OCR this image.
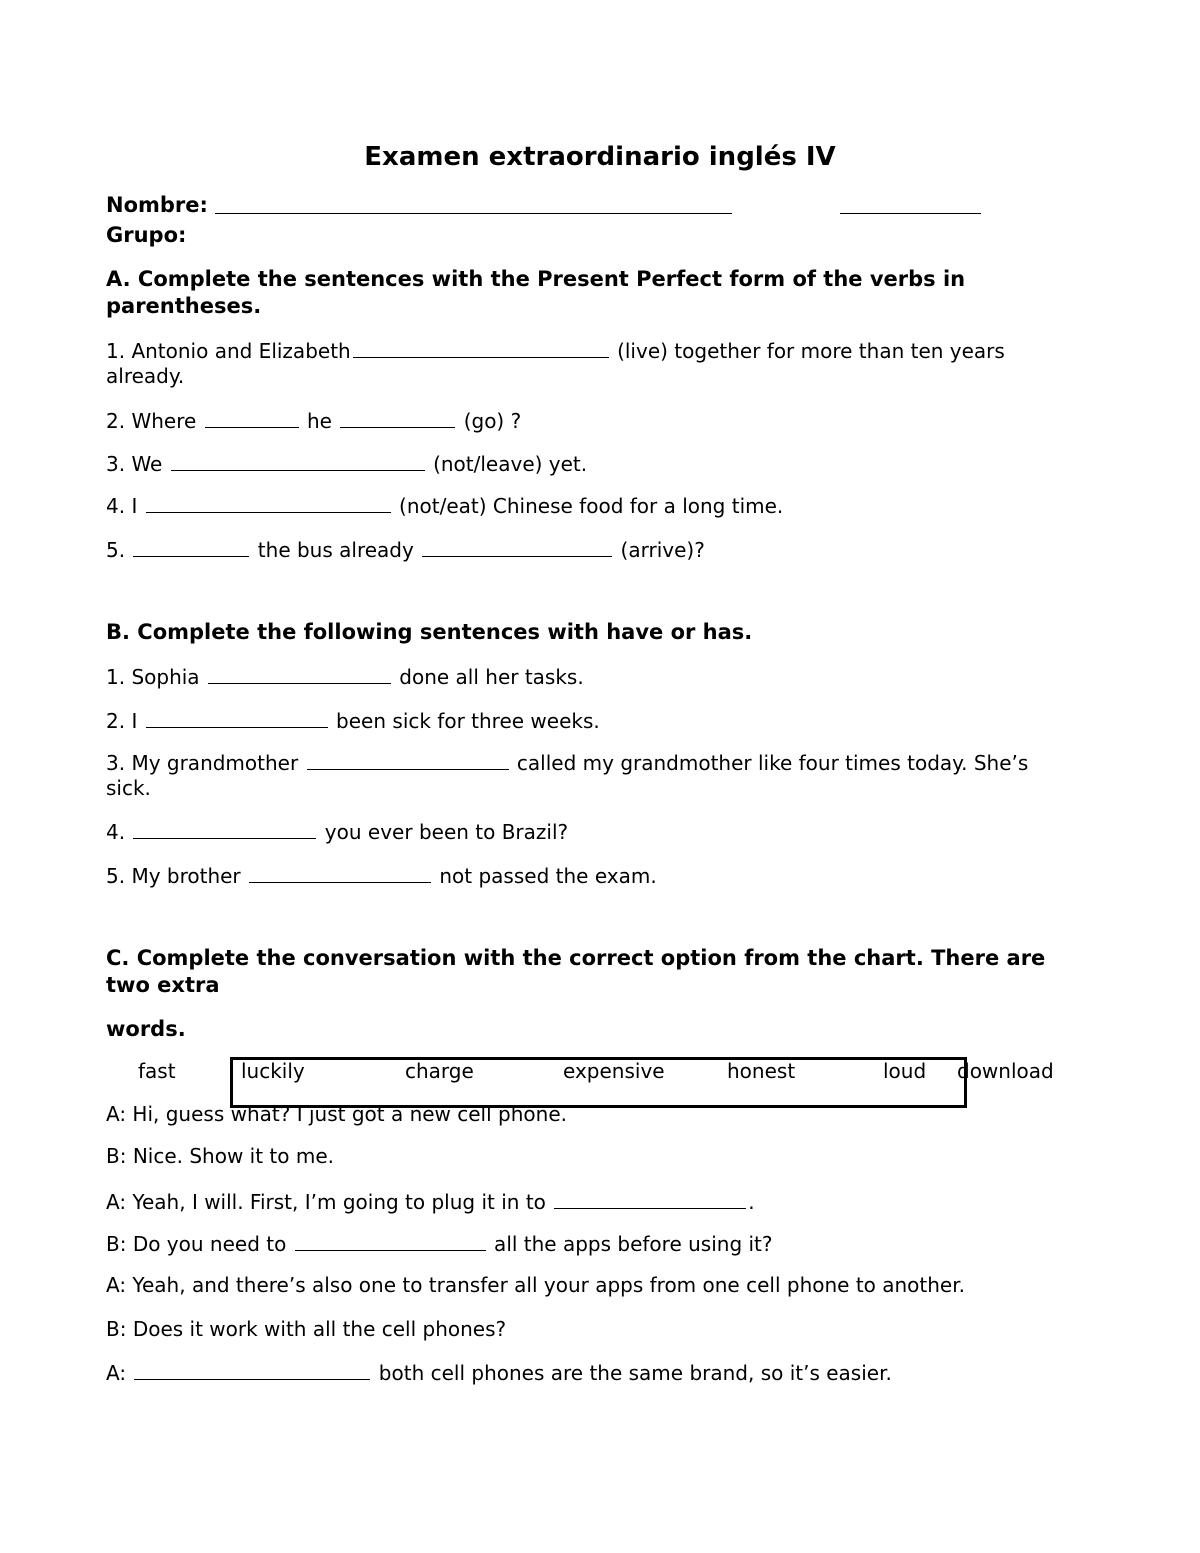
Examen extraordinario inglés IV
Nombre:
Grupo:
A. Complete the sentences with the Present Perfect form of the verbs in
parentheses.
1. Antonio and Elizabeth	(live) together for more than ten years
already.
2. Where	he	(go) ?
3. We	(not/leave) yet.
4. I	(not/eat) Chinese food for a long time.
5.	the bus already	(arrive)?
B. Complete the following sentences with have or has.
1. Sophia	done all her tasks.
2. I	been sick for three weeks.
3. My grandmother	called my grandmother like four times today. She’s
sick.
4.	you ever been to Brazil?
5. My brother	not passed the exam.
C. Complete the conversation with the correct option from the chart. There are
two extra
words.
fast	luckily	charge	expensive	honest	loud download
A: Hi, guess what? I just got a new cell phone.
B: Nice. Show it to me.
A: Yeah, I will. First, I’m going to plug it in to	.
B: Do you need to	all the apps before using it?
A: Yeah, and there’s also one to transfer all your apps from one cell phone to another.
B: Does it work with all the cell phones?
A:	both cell phones are the same brand, so it’s easier.
